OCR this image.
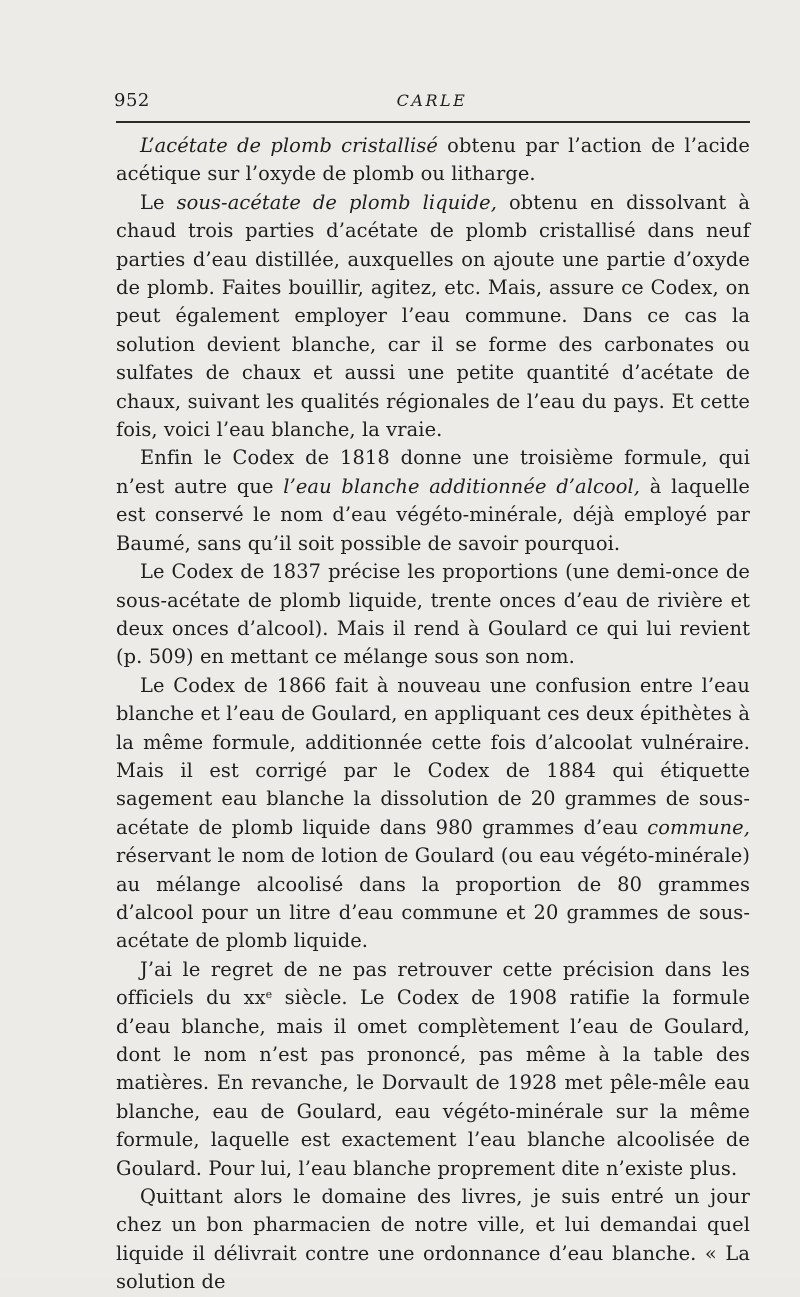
952	CARLE

L’acétate de plomb cristallisé obtenu par l’action de l’acide acétique sur l’oxyde de plomb ou litharge.

Le sous-acétate de plomb liquide, obtenu en dissolvant à chaud trois parties d’acétate de plomb cristallisé dans neuf parties d’eau distillée, auxquelles on ajoute une partie d’oxyde de plomb. Faites bouillir, agitez, etc. Mais, assure ce Codex, on peut également employer l’eau commune. Dans ce cas la solution devient blanche, car il se forme des carbonates ou sulfates de chaux et aussi une petite quantité d’acétate de chaux, suivant les qualités régionales de l’eau du pays. Et cette fois, voici l’eau blanche, la vraie.

Enfin le Codex de 1818 donne une troisième formule, qui n’est autre que l’eau blanche additionnée d’alcool, à laquelle est conservé le nom d’eau végéto-minérale, déjà employé par Baumé, sans qu’il soit possible de savoir pourquoi.

Le Codex de 1837 précise les proportions (une demi-once de sous-acétate de plomb liquide, trente onces d’eau de rivière et deux onces d’alcool). Mais il rend à Goulard ce qui lui revient (p. 509) en mettant ce mélange sous son nom.

Le Codex de 1866 fait à nouveau une confusion entre l’eau blanche et l’eau de Goulard, en appliquant ces deux épithètes à la même formule, additionnée cette fois d’alcoolat vulnéraire. Mais il est corrigé par le Codex de 1884 qui étiquette sagement eau blanche la dissolution de 20 grammes de sous-acétate de plomb liquide dans 980 grammes d’eau commune, réservant le nom de lotion de Goulard (ou eau végéto-minérale) au mélange alcoolisé dans la proportion de 80 grammes d’alcool pour un litre d’eau commune et 20 grammes de sous-acétate de plomb liquide.

J’ai le regret de ne pas retrouver cette précision dans les officiels du $xx^e$ siècle. Le Codex de 1908 ratifie la formule d’eau blanche, mais il omet complètement l’eau de Goulard, dont le nom n’est pas prononcé, pas même à la table des matières. En revanche, le Dorvault de 1928 met pêle-mêle eau blanche, eau de Goulard, eau végéto-minérale sur la même formule, laquelle est exactement l’eau blanche alcoolisée de Goulard. Pour lui, l’eau blanche proprement dite n’existe plus.

Quittant alors le domaine des livres, je suis entré un jour chez un bon pharmacien de notre ville, et lui demandai quel liquide il délivrait contre une ordonnance d’eau blanche. « La solution de
